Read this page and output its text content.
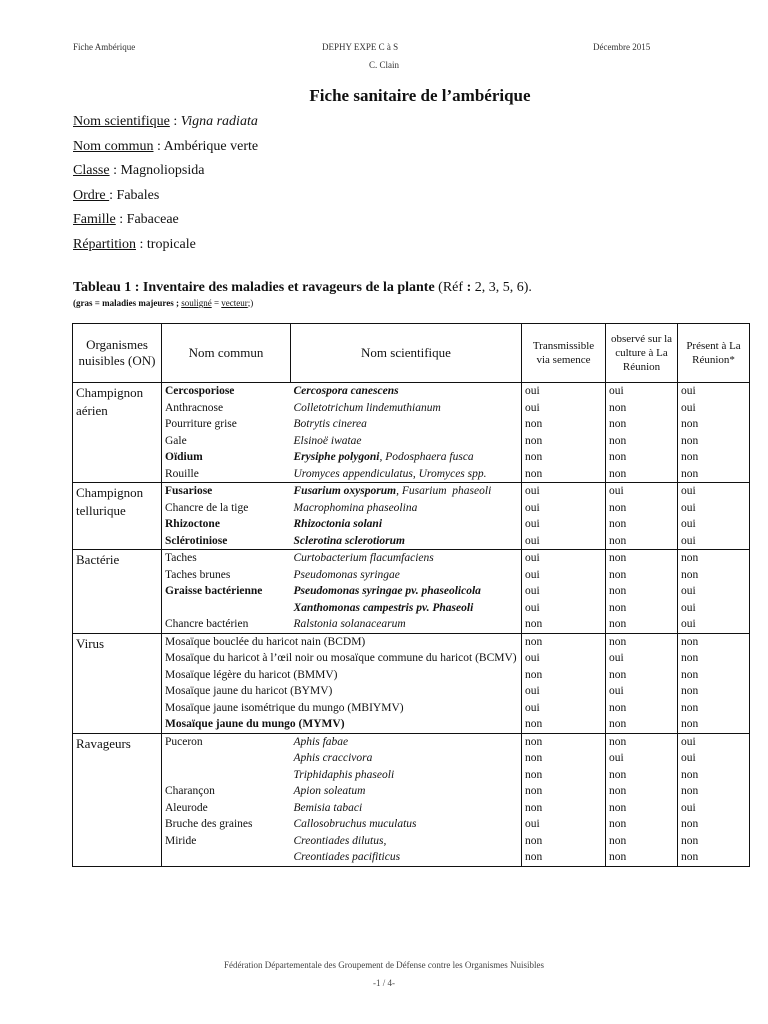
Fiche Ambérique	DEPHY EXPE C à S	Décembre 2015
C. Clain
Fiche sanitaire de l’ambérique
Nom scientifique : Vigna radiata
Nom commun : Ambérique verte
Classe : Magnoliopsida
Ordre : Fabales
Famille : Fabaceae
Répartition : tropicale
Tableau 1 : Inventaire des maladies et ravageurs de la plante (Réf : 2, 3, 5, 6).
(gras = maladies majeures ; souligné = vecteur;)
Organismes nuisibles (ON)	Nom commun	Nom scientifique	Transmissible via semence	observé sur la culture à La Réunion	Présent à La Réunion*
Champignon aérien	Cercosporiose	Cercospora canescens	oui	oui	oui
	Anthracnose	Colletotrichum lindemuthianum	oui	non	oui
	Pourriture grise	Botrytis cinerea	non	non	non
	Gale	Elsinoë iwatae	non	non	non
	Oïdium	Erysiphe polygoni, Podosphaera fusca	non	non	non
	Rouille	Uromyces appendiculatus, Uromyces spp.	non	non	non
Champignon tellurique	Fusariose	Fusarium oxysporum, Fusarium  phaseoli	oui	oui	oui
	Chancre de la tige	Macrophomina phaseolina	oui	non	oui
	Rhizoctone	Rhizoctonia solani	oui	non	oui
	Sclérotiniose	Sclerotina sclerotiorum	oui	non	oui
Bactérie	Taches	Curtobacterium flacumfaciens	oui	non	non
	Taches brunes	Pseudomonas syringae	oui	non	non
	Graisse bactérienne	Pseudomonas syringae pv. phaseolicola	oui	non	oui
		Xanthomonas campestris pv. Phaseoli	oui	non	oui
	Chancre bactérien	Ralstonia solanacearum	non	non	oui
Virus	Mosaïque bouclée du haricot nain (BCDM)		non	non	non
	Mosaïque du haricot à l’œil noir ou mosaïque commune du haricot (BCMV)		oui	oui	non
	Mosaïque légère du haricot (BMMV)		non	non	non
	Mosaïque jaune du haricot (BYMV)		oui	oui	non
	Mosaïque jaune isométrique du mungo (MBIYMV)		oui	non	non
	Mosaïque jaune du mungo (MYMV)		non	non	non
Ravageurs	Puceron	Aphis fabae	non	non	oui
		Aphis craccivora	non	oui	oui
		Triphidaphis phaseoli	non	non	non
	Charançon	Apion soleatum	non	non	non
	Aleurode	Bemisia tabaci	non	non	oui
	Bruche des graines	Callosobruchus muculatus	oui	non	non
	Miride	Creontiades dilutus,	non	non	non
		Creontiades pacifiticus	non	non	non
Fédération Départementale des Groupement de Défense contre les Organismes Nuisibles
-1 / 4-
